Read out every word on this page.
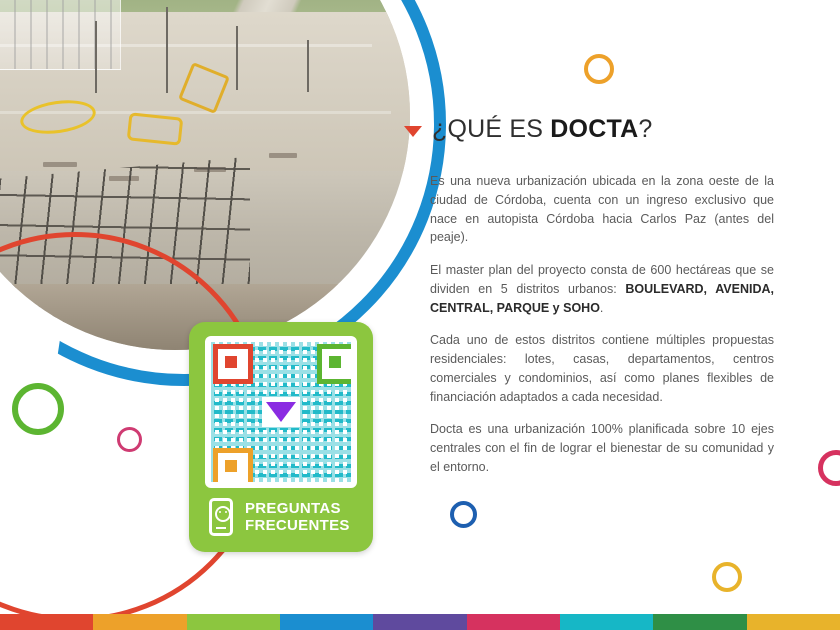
PREGUNTAS
FRECUENTES
¿QUÉ ES DOCTA?

Es una nueva urbanización ubicada en la zona oeste de la ciudad de Córdoba, cuenta con un ingreso exclusivo que nace en autopista Córdoba hacia Carlos Paz (antes del peaje).

El master plan del proyecto consta de 600 hectáreas que se dividen en 5 distritos urbanos: BOULEVARD, AVENIDA, CENTRAL, PARQUE y SOHO.

Cada uno de estos distritos contiene múltiples propuestas residenciales: lotes, casas, departamentos, centros comerciales y condominios, así como planes flexibles de financiación adaptados a cada necesidad.

Docta es una urbanización 100% planificada sobre 10 ejes centrales con el fin de lograr el bienestar de su comunidad y el entorno.
